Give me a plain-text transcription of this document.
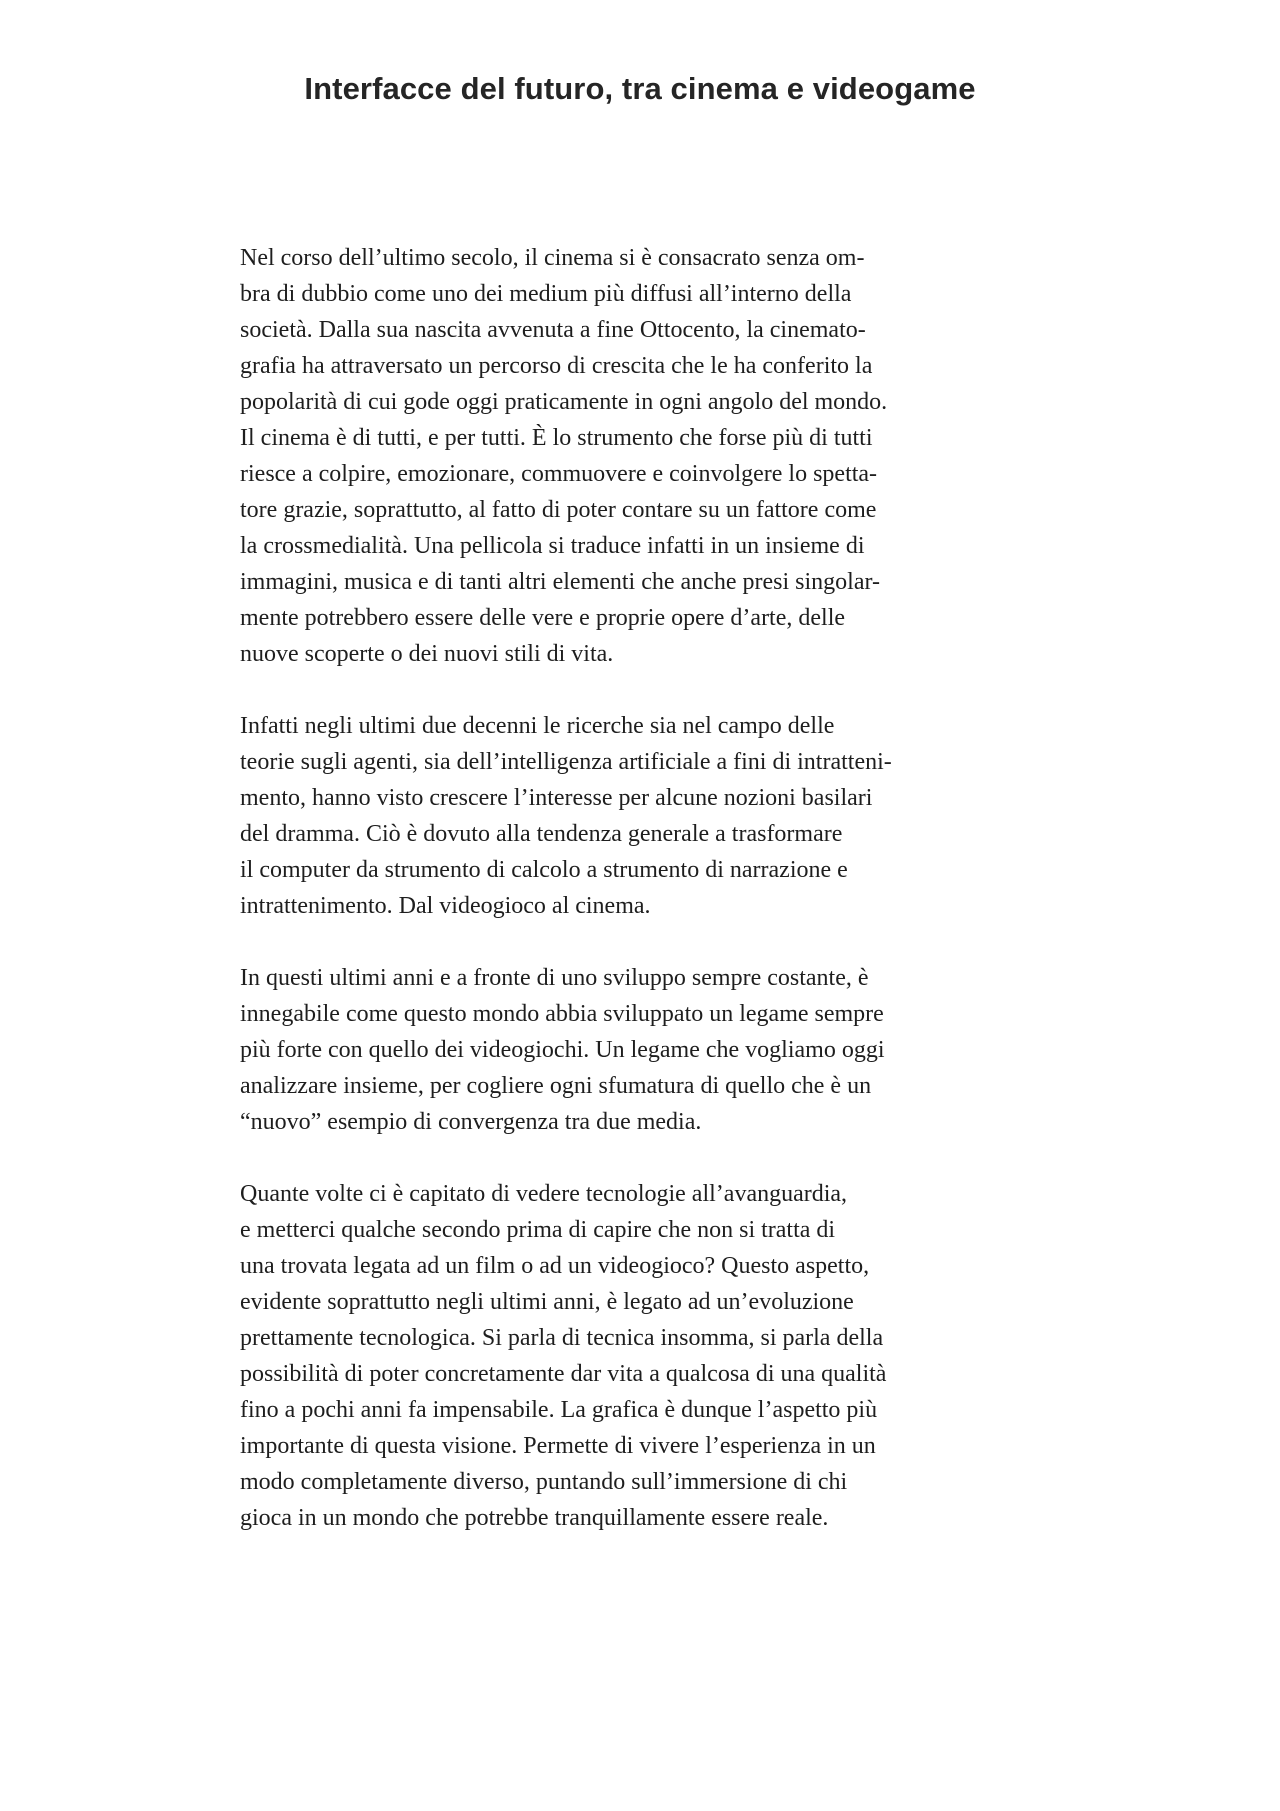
Interfacce del futuro, tra cinema e videogame
Nel corso dell’ultimo secolo, il cinema si è consacrato senza om-
bra di dubbio come uno dei medium più diffusi all’interno della
società. Dalla sua nascita avvenuta a fine Ottocento, la cinemato-
grafia ha attraversato un percorso di crescita che le ha conferito la
popolarità di cui gode oggi praticamente in ogni angolo del mondo.
Il cinema è di tutti, e per tutti. È lo strumento che forse più di tutti
riesce a colpire, emozionare, commuovere e coinvolgere lo spetta-
tore grazie, soprattutto, al fatto di poter contare su un fattore come
la crossmedialità. Una pellicola si traduce infatti in un insieme di
immagini, musica e di tanti altri elementi che anche presi singolar-
mente potrebbero essere delle vere e proprie opere d’arte, delle
nuove scoperte o dei nuovi stili di vita.
Infatti negli ultimi due decenni le ricerche sia nel campo delle
teorie sugli agenti, sia dell’intelligenza artificiale a fini di intratteni-
mento, hanno visto crescere l’interesse per alcune nozioni basilari
del dramma. Ciò è dovuto alla tendenza generale a trasformare
il computer da strumento di calcolo a strumento di narrazione e
intrattenimento. Dal videogioco al cinema.
In questi ultimi anni e a fronte di uno sviluppo sempre costante, è
innegabile come questo mondo abbia sviluppato un legame sempre
più forte con quello dei videogiochi. Un legame che vogliamo oggi
analizzare insieme, per cogliere ogni sfumatura di quello che è un
“nuovo” esempio di convergenza tra due media.
Quante volte ci è capitato di vedere tecnologie all’avanguardia,
e metterci qualche secondo prima di capire che non si tratta di
una trovata legata ad un film o ad un videogioco? Questo aspetto,
evidente soprattutto negli ultimi anni, è legato ad un’evoluzione
prettamente tecnologica. Si parla di tecnica insomma, si parla della
possibilità di poter concretamente dar vita a qualcosa di una qualità
fino a pochi anni fa impensabile. La grafica è dunque l’aspetto più
importante di questa visione. Permette di vivere l’esperienza in un
modo completamente diverso, puntando sull’immersione di chi
gioca in un mondo che potrebbe tranquillamente essere reale.
